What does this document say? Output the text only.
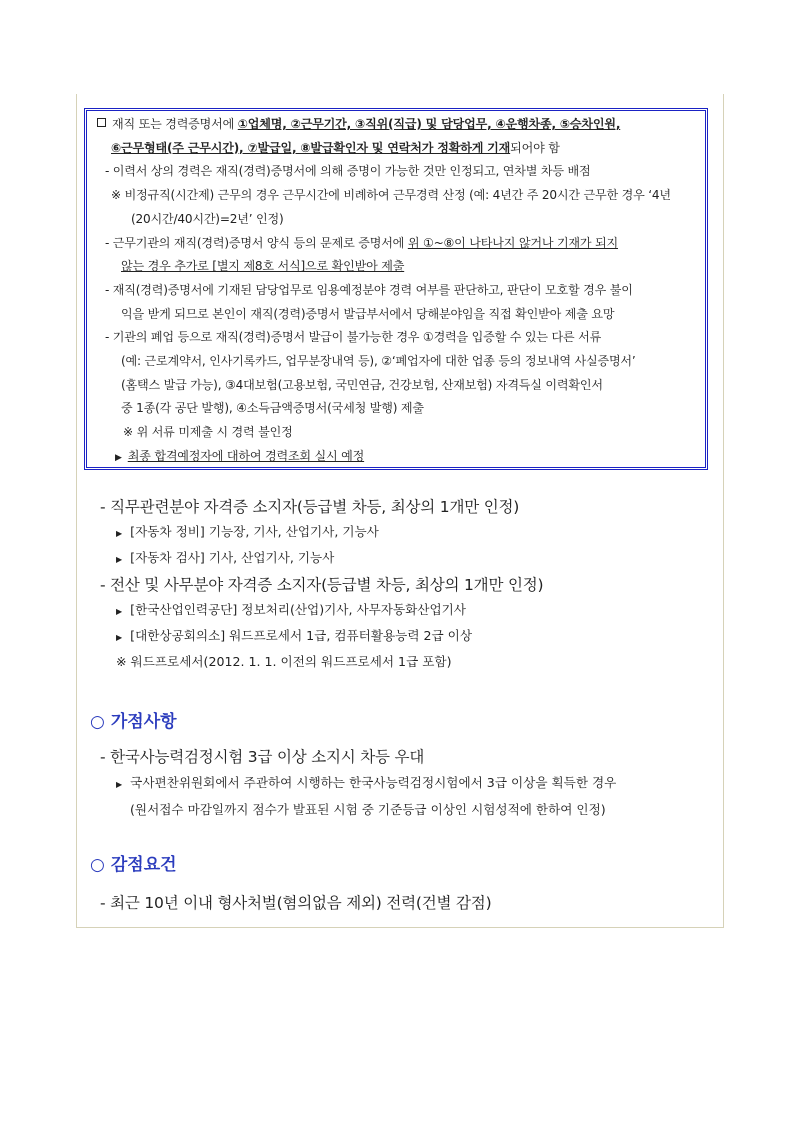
재직 또는 경력증명서에 ①업체명, ②근무기간, ③직위(직급) 및 담당업무, ④운행차종, ⑤승차인원,
⑥근무형태(주 근무시간), ⑦발급일, ⑧발급확인자 및 연락처가 정확하게 기재되어야 함
- 이력서 상의 경력은 재직(경력)증명서에 의해 증명이 가능한 것만 인정되고, 연차별 차등 배점
※ 비정규직(시간제) 근무의 경우 근무시간에 비례하여 근무경력 산정 (예: 4년간 주 20시간 근무한 경우 ‘4년
(20시간/40시간)=2년’ 인정)
- 근무기관의 재직(경력)증명서 양식 등의 문제로 증명서에 위 ①~⑧이 나타나지 않거나 기재가 되지
않는 경우 추가로 [별지 제8호 서식]으로 확인받아 제출
- 재직(경력)증명서에 기재된 담당업무로 임용예정분야 경력 여부를 판단하고, 판단이 모호할 경우 불이
익을 받게 되므로 본인이 재직(경력)증명서 발급부서에서 당해분야임을 직접 확인받아 제출 요망
- 기관의 폐업 등으로 재직(경력)증명서 발급이 불가능한 경우 ①경력을 입증할 수 있는 다른 서류
(예: 근로계약서, 인사기록카드, 업무분장내역 등), ②‘폐업자에 대한 업종 등의 정보내역 사실증명서’
(홈택스 발급 가능), ③4대보험(고용보험, 국민연금, 건강보험, 산재보험) 자격득실 이력확인서
중 1종(각 공단 발행), ④소득금액증명서(국세청 발행) 제출
※ 위 서류 미제출 시 경력 불인정
▶ 최종 합격예정자에 대하여 경력조회 실시 예정
- 직무관련분야 자격증 소지자(등급별 차등, 최상의 1개만 인정)
▶ [자동차 정비] 기능장, 기사, 산업기사, 기능사
▶ [자동차 검사] 기사, 산업기사, 기능사
- 전산 및 사무분야 자격증 소지자(등급별 차등, 최상의 1개만 인정)
▶ [한국산업인력공단] 정보처리(산업)기사, 사무자동화산업기사
▶ [대한상공회의소] 워드프로세서 1급, 컴퓨터활용능력 2급 이상
※ 워드프로세서(2012. 1. 1. 이전의 워드프로세서 1급 포함)
○ 가점사항
- 한국사능력검정시험 3급 이상 소지시 차등 우대
▶ 국사편찬위원회에서 주관하여 시행하는 한국사능력검정시험에서 3급 이상을 획득한 경우
(원서접수 마감일까지 점수가 발표된 시험 중 기준등급 이상인 시험성적에 한하여 인정)
○ 감점요건
- 최근 10년 이내 형사처벌(혐의없음 제외) 전력(건별 감점)
